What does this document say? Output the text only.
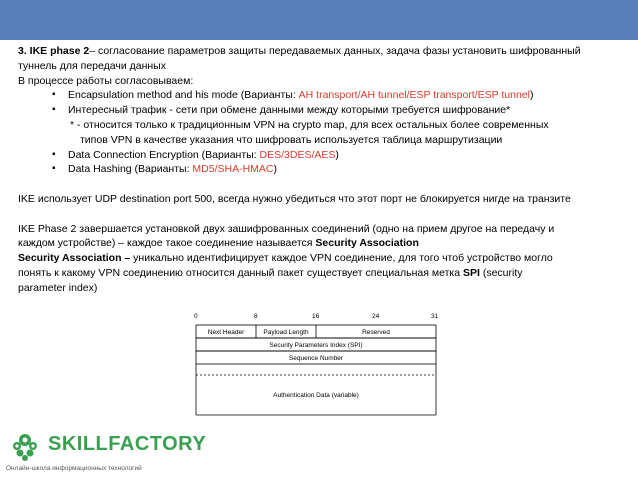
3. IKE phase 2– согласование параметров защиты передаваемых данных, задача фазы установить шифрованный

туннель для передачи данных

В процессе работы согласовываем:

▪ Encapsulation method and his mode (Варианты: AH transport/AH tunnel/ESP transport/ESP tunnel)

▪ Интересный трафик - сети при обмене данными между которыми требуется шифрование*

* - относится только к традиционным VPN на crypto map, для всех остальных более современных

типов VPN в качестве указания что шифровать используется таблица маршрутизации

▪ Data Connection Encryption (Варианты: DES/3DES/AES)

▪ Data Hashing (Варианты: MD5/SHA-HMAC)

IKE использует UDP destination port 500, всегда нужно убедиться что этот порт не блокируется нигде на транзите

IKE Phase 2 завершается установкой двух зашифрованных соединений (одно на прием другое на передачу и

каждом устройстве) – каждое такое соединение называется Security Association

Security Association – уникально идентифицирует каждое VPN соединение, для того чтоб устройство могло

понять к какому VPN соединению относится данный пакет существует специальная метка SPI (security

parameter index)

0	8	16	24	31
Next Header	Payload Length	Reserved
Security Parameters Index (SPI)
Sequence Number
Authentication Data (variable)
SKILLFACTORY
Онлайн-школа информационных технологий
